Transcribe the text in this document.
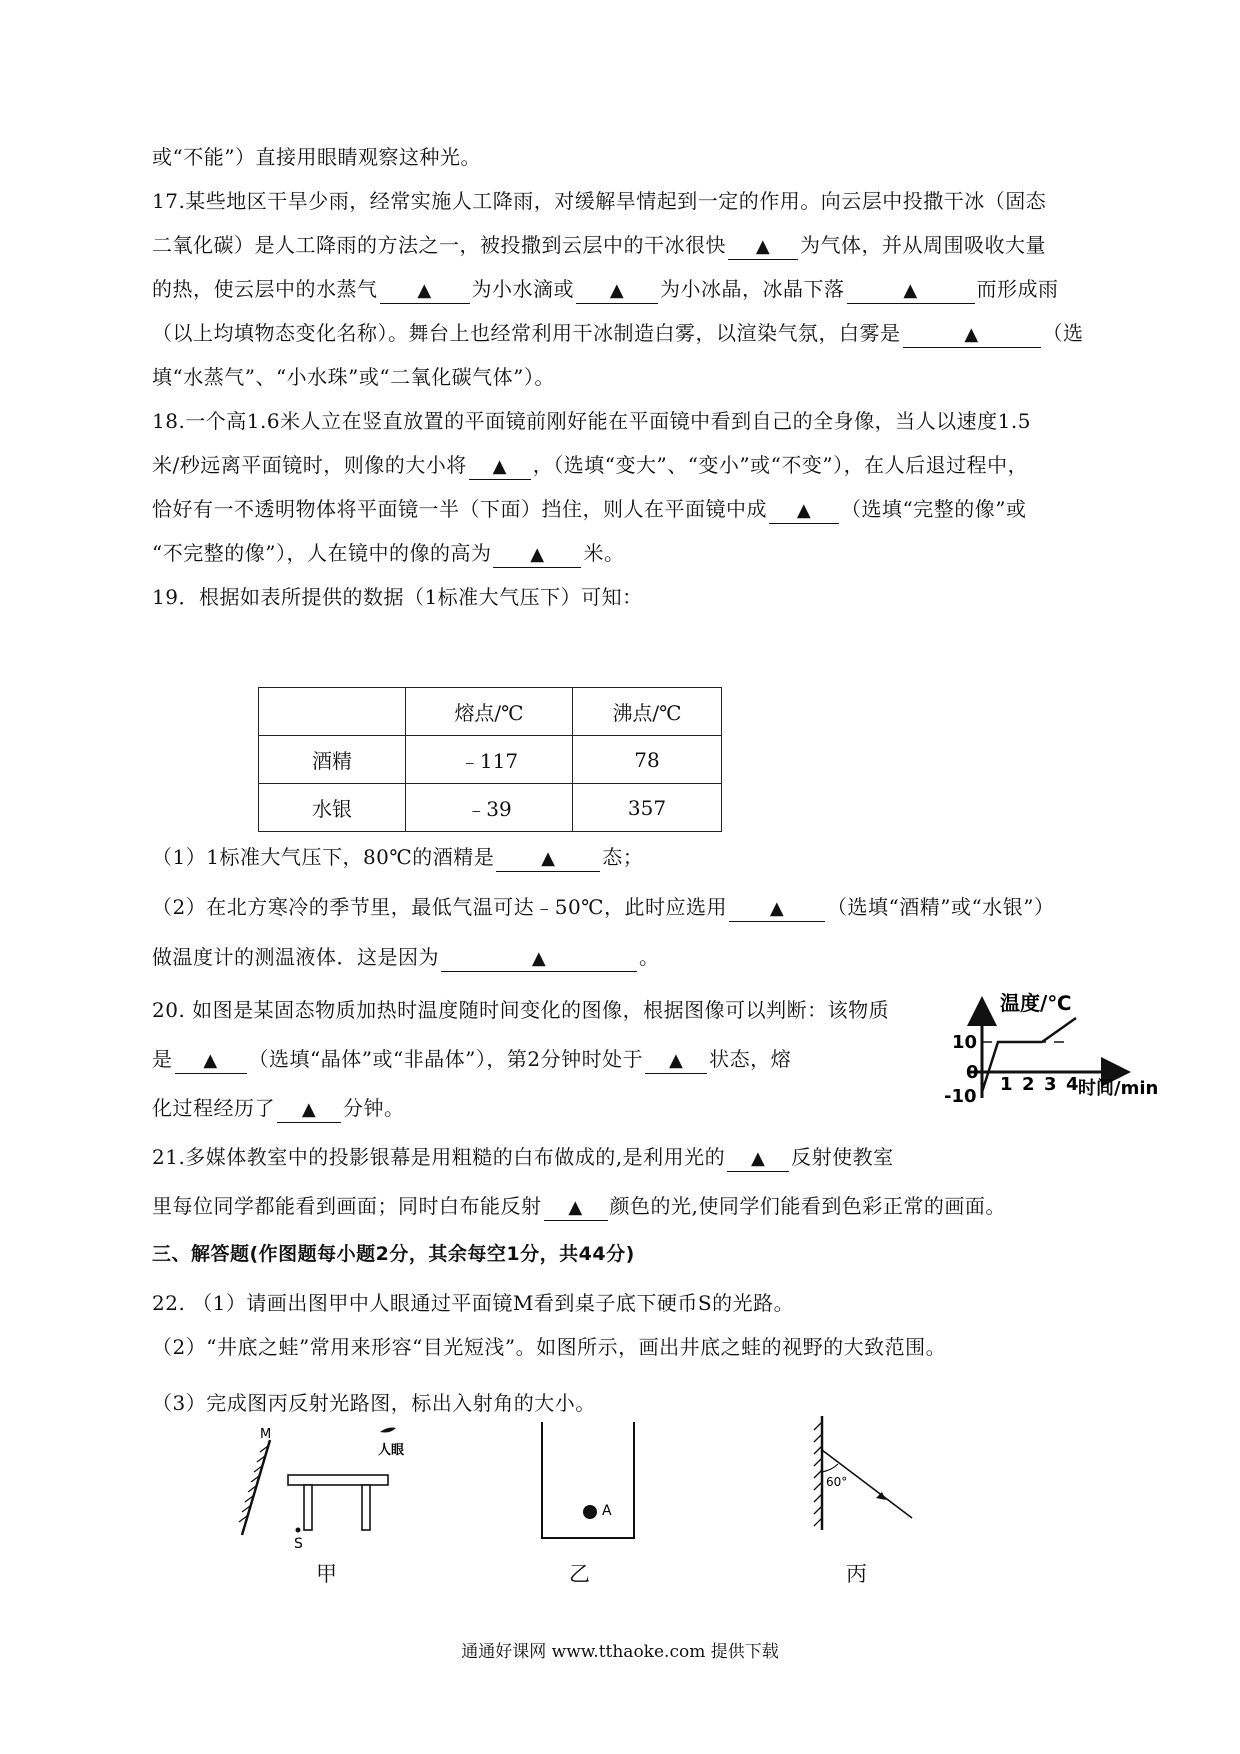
或“不能”）直接用眼睛观察这种光。
17.某些地区干旱少雨，经常实施人工降雨，对缓解旱情起到一定的作用。向云层中投撒干冰（固态
二氧化碳）是人工降雨的方法之一，被投撒到云层中的干冰很快 ▲ 为气体，并从周围吸收大量
的热，使云层中的水蒸气 ▲ 为小水滴或 ▲ 为小冰晶，冰晶下落	▲	而形成雨
（以上均填物态变化名称）。舞台上也经常利用干冰制造白雾，以渲染气氛，白雾是	▲	（选
填“水蒸气”、“小水珠”或“二氧化碳气体”）。
18.一个高1.6米人立在竖直放置的平面镜前刚好能在平面镜中看到自己的全身像，当人以速度1.5
米/秒远离平面镜时，则像的大小将 ▲ ，（选填“变大”、“变小”或“不变”），在人后退过程中，
恰好有一不透明物体将平面镜一半（下面）挡住，则人在平面镜中成 ▲ （选填“完整的像”或
“不完整的像”），人在镜中的像的高为 ▲ 米。
19．根据如表所提供的数据（1标准大气压下）可知：
	熔点/℃	沸点/℃
酒精	﹣117	78
水银	﹣39	357
（1）1标准大气压下，80℃的酒精是	▲ 态；
（2）在北方寒冷的季节里，最低气温可达﹣50℃，此时应选用 ▲ （选填“酒精”或“水银”）
做温度计的测温液体．这是因为	▲	。
20. 如图是某固态物质加热时温度随时间变化的图像，根据图像可以判断：该物质
是 ▲ （选填“晶体”或“非晶体”），第2分钟时处于 ▲ 状态，熔
化过程经历了 ▲ 分钟。
温度/℃
10
0
-10
1 2 3 4 时间/min
21.多媒体教室中的投影银幕是用粗糙的白布做成的,是利用光的 ▲ 反射使教室
里每位同学都能看到画面；同时白布能反射 ▲ 颜色的光,使同学们能看到色彩正常的画面。
三、解答题(作图题每小题2分，其余每空1分，共44分)
22. （1）请画出图甲中人眼通过平面镜M看到桌子底下硬币S的光路。
（2）“井底之蛙”常用来形容“目光短浅”。如图所示，画出井底之蛙的视野的大致范围。
（3）完成图丙反射光路图，标出入射角的大小。
M
S
人眼
甲
A
乙
60°
丙
通通好课网 www.tthaoke.com 提供下载
